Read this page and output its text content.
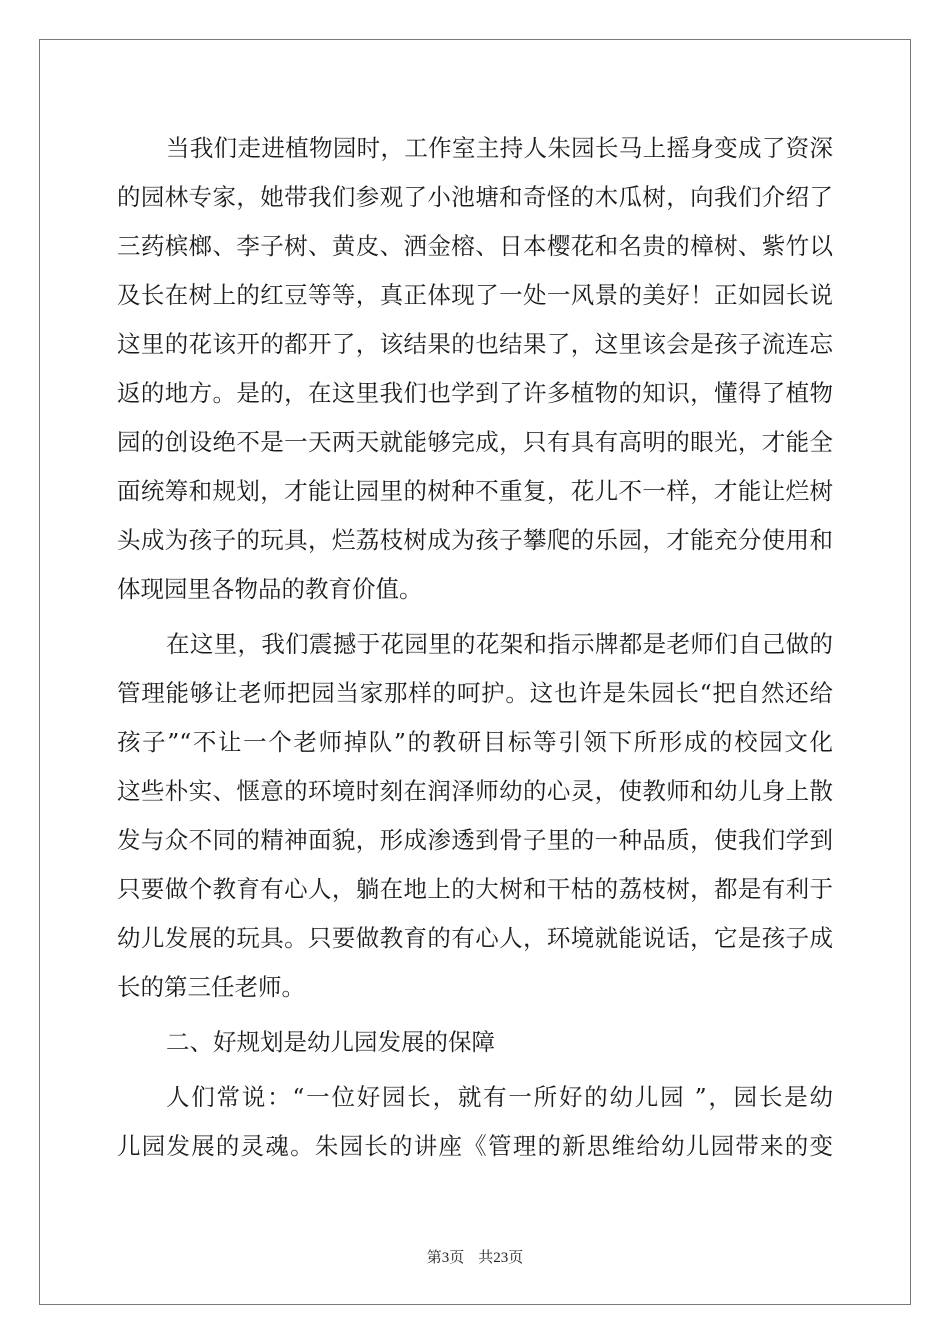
当我们走进植物园时，工作室主持人朱园长马上摇身变成了资深
的园林专家，她带我们参观了小池塘和奇怪的木瓜树，向我们介绍了
三药槟榔、李子树、黄皮、洒金榕、日本樱花和名贵的樟树、紫竹以
及长在树上的红豆等等，真正体现了一处一风景的美好！正如园长说
这里的花该开的都开了，该结果的也结果了，这里该会是孩子流连忘
返的地方。是的，在这里我们也学到了许多植物的知识，懂得了植物
园的创设绝不是一天两天就能够完成，只有具有高明的眼光，才能全
面统筹和规划，才能让园里的树种不重复，花儿不一样，才能让烂树
头成为孩子的玩具，烂荔枝树成为孩子攀爬的乐园，才能充分使用和
体现园里各物品的教育价值。
在这里，我们震撼于花园里的花架和指示牌都是老师们自己做的
管理能够让老师把园当家那样的呵护。这也许是朱园长“把自然还给
孩子”“不让一个老师掉队”的教研目标等引领下所形成的校园文化
这些朴实、惬意的环境时刻在润泽师幼的心灵，使教师和幼儿身上散
发与众不同的精神面貌，形成渗透到骨子里的一种品质，使我们学到
只要做个教育有心人，躺在地上的大树和干枯的荔枝树，都是有利于
幼儿发展的玩具。只要做教育的有心人，环境就能说话，它是孩子成
长的第三任老师。
二、好规划是幼儿园发展的保障
人们常说：“一位好园长，就有一所好的幼儿园 ”，园长是幼
儿园发展的灵魂。朱园长的讲座《管理的新思维给幼儿园带来的变
第3页 共23页
